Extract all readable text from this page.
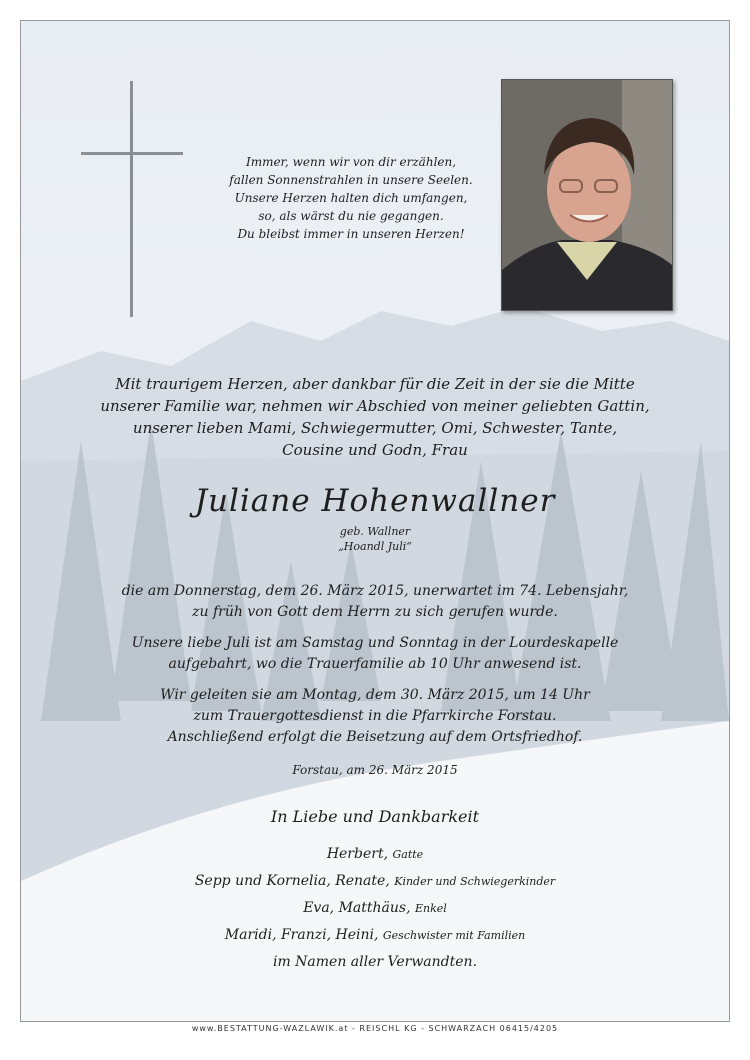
Immer, wenn wir von dir erzählen,
fallen Sonnenstrahlen in unsere Seelen.
Unsere Herzen halten dich umfangen,
so, als wärst du nie gegangen.
Du bleibst immer in unseren Herzen!
Mit traurigem Herzen, aber dankbar für die Zeit in der sie die Mitte
unserer Familie war, nehmen wir Abschied von meiner geliebten Gattin,
unserer lieben Mami, Schwiegermutter, Omi, Schwester, Tante,
Cousine und Godn, Frau
Juliane Hohenwallner
geb. Wallner
„Hoandl Juli“
die am Donnerstag, dem 26. März 2015, unerwartet im 74. Lebensjahr,
zu früh von Gott dem Herrn zu sich gerufen wurde.
Unsere liebe Juli ist am Samstag und Sonntag in der Lourdeskapelle
aufgebahrt, wo die Trauerfamilie ab 10 Uhr anwesend ist.
Wir geleiten sie am Montag, dem 30. März 2015, um 14 Uhr
zum Trauergottesdienst in die Pfarrkirche Forstau.
Anschließend erfolgt die Beisetzung auf dem Ortsfriedhof.
Forstau, am 26. März 2015
In Liebe und Dankbarkeit
Herbert, Gatte
Sepp und Kornelia, Renate, Kinder und Schwiegerkinder
Eva, Matthäus, Enkel
Maridi, Franzi, Heini, Geschwister mit Familien
im Namen aller Verwandten.
www.BESTATTUNG-WAZLAWIK.at - REISCHL KG - SCHWARZACH 06415/4205
